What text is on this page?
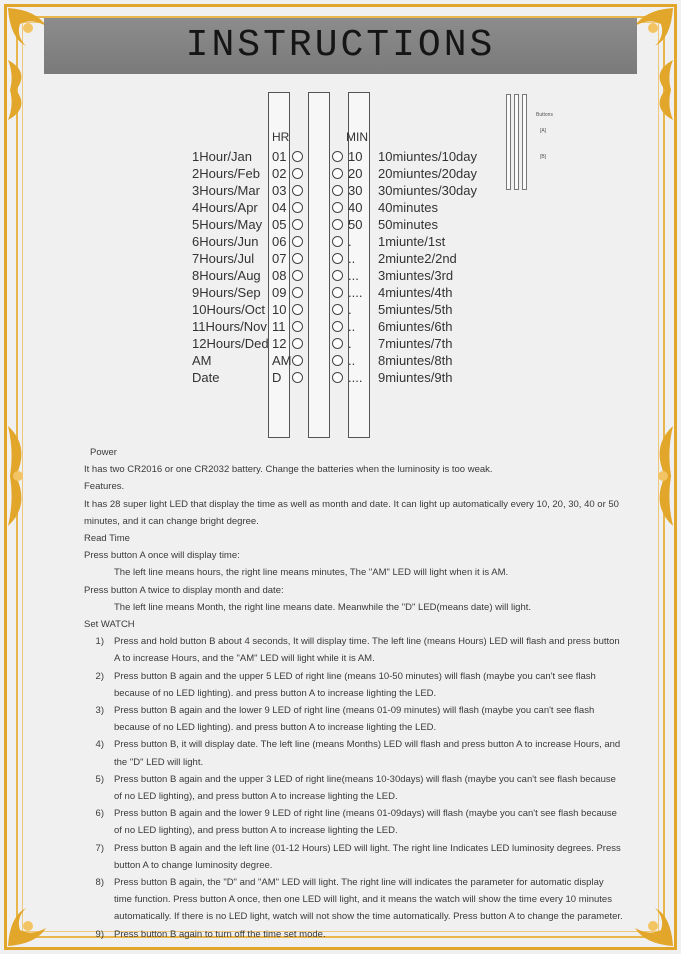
INSTRUCTIONS
HR	MIN
1Hour/Jan 01	10 10miuntes/10day
2Hours/Feb 02	20 20miuntes/20day
3Hours/Mar 03	30 30miuntes/30day
4Hours/Apr 04	40 40minutes
5Hours/May 05	50 50minutes
6Hours/Jun 06	. 1miunte/1st
7Hours/Jul 07	.. 2miunte2/2nd
8Hours/Aug 08	... 3miuntes/3rd
9Hours/Sep 09	.... 4miuntes/4th
10Hours/Oct 10	. 5miuntes/5th
11Hours/Nov 11	.. 6miuntes/6th
12Hours/Ded 12	. 7miuntes/7th
AM	AM	.. 8miuntes/8th
Date	D	.... 9miuntes/9th
Buttons
[A]
[B]
Power
It has two CR2016 or one CR2032 battery. Change the batteries when the luminosity is too weak.
Features.
It has 28 super light LED that display the time as well as month and date. It can light up automatically every 10, 20, 30, 40 or 50 minutes, and it can change bright degree.
Read Time
Press button A once will display time:
The left line means hours, the right line means minutes, The "AM" LED will light when it is AM.
Press button A twice to display month and date:
The left line means Month, the right line means date. Meanwhile the "D" LED(means date) will light.
Set WATCH
1)	Press and hold button B about 4 seconds, It will display time. The left line (means Hours) LED will flash and press button A to increase Hours, and the "AM" LED will light while it is AM.
2)	Press button B again and the upper 5 LED of right line (means 10-50 minutes) will flash (maybe you can't see flash because of no LED lighting). and press button A to increase lighting the LED.
3)	Press button B again and the lower 9 LED of right line (means 01-09 minutes) will flash (maybe you can't see flash because of no LED lighting). and press button A to increase lighting the LED.
4)	Press button B, it will display date. The left line (means Months) LED will flash and press button A to increase Hours, and the "D" LED will light.
5)	Press button B again and the upper 3 LED of right line(means 10-30days) will flash (maybe you can't see flash because of no LED lighting), and press button A to increase lighting the LED.
6)	Press button B again and the lower 9 LED of right line (means 01-09days) will flash (maybe you can't see flash because of no LED lighting), and press button A to increase lighting the LED.
7)	Press button B again and the left line (01-12 Hours) LED will light. The right line Indicates LED luminosity degrees. Press button A to change luminosity degree.
8)	Press button B again, the "D" and "AM" LED will light. The right line will indicates the parameter for automatic display time function. Press button A once, then one LED will light, and it means the watch will show the time every 10 minutes automatically. If there is no LED light, watch will not show the time automatically. Press button A to change the parameter.
9)	Press button B again to turn off the time set mode.
